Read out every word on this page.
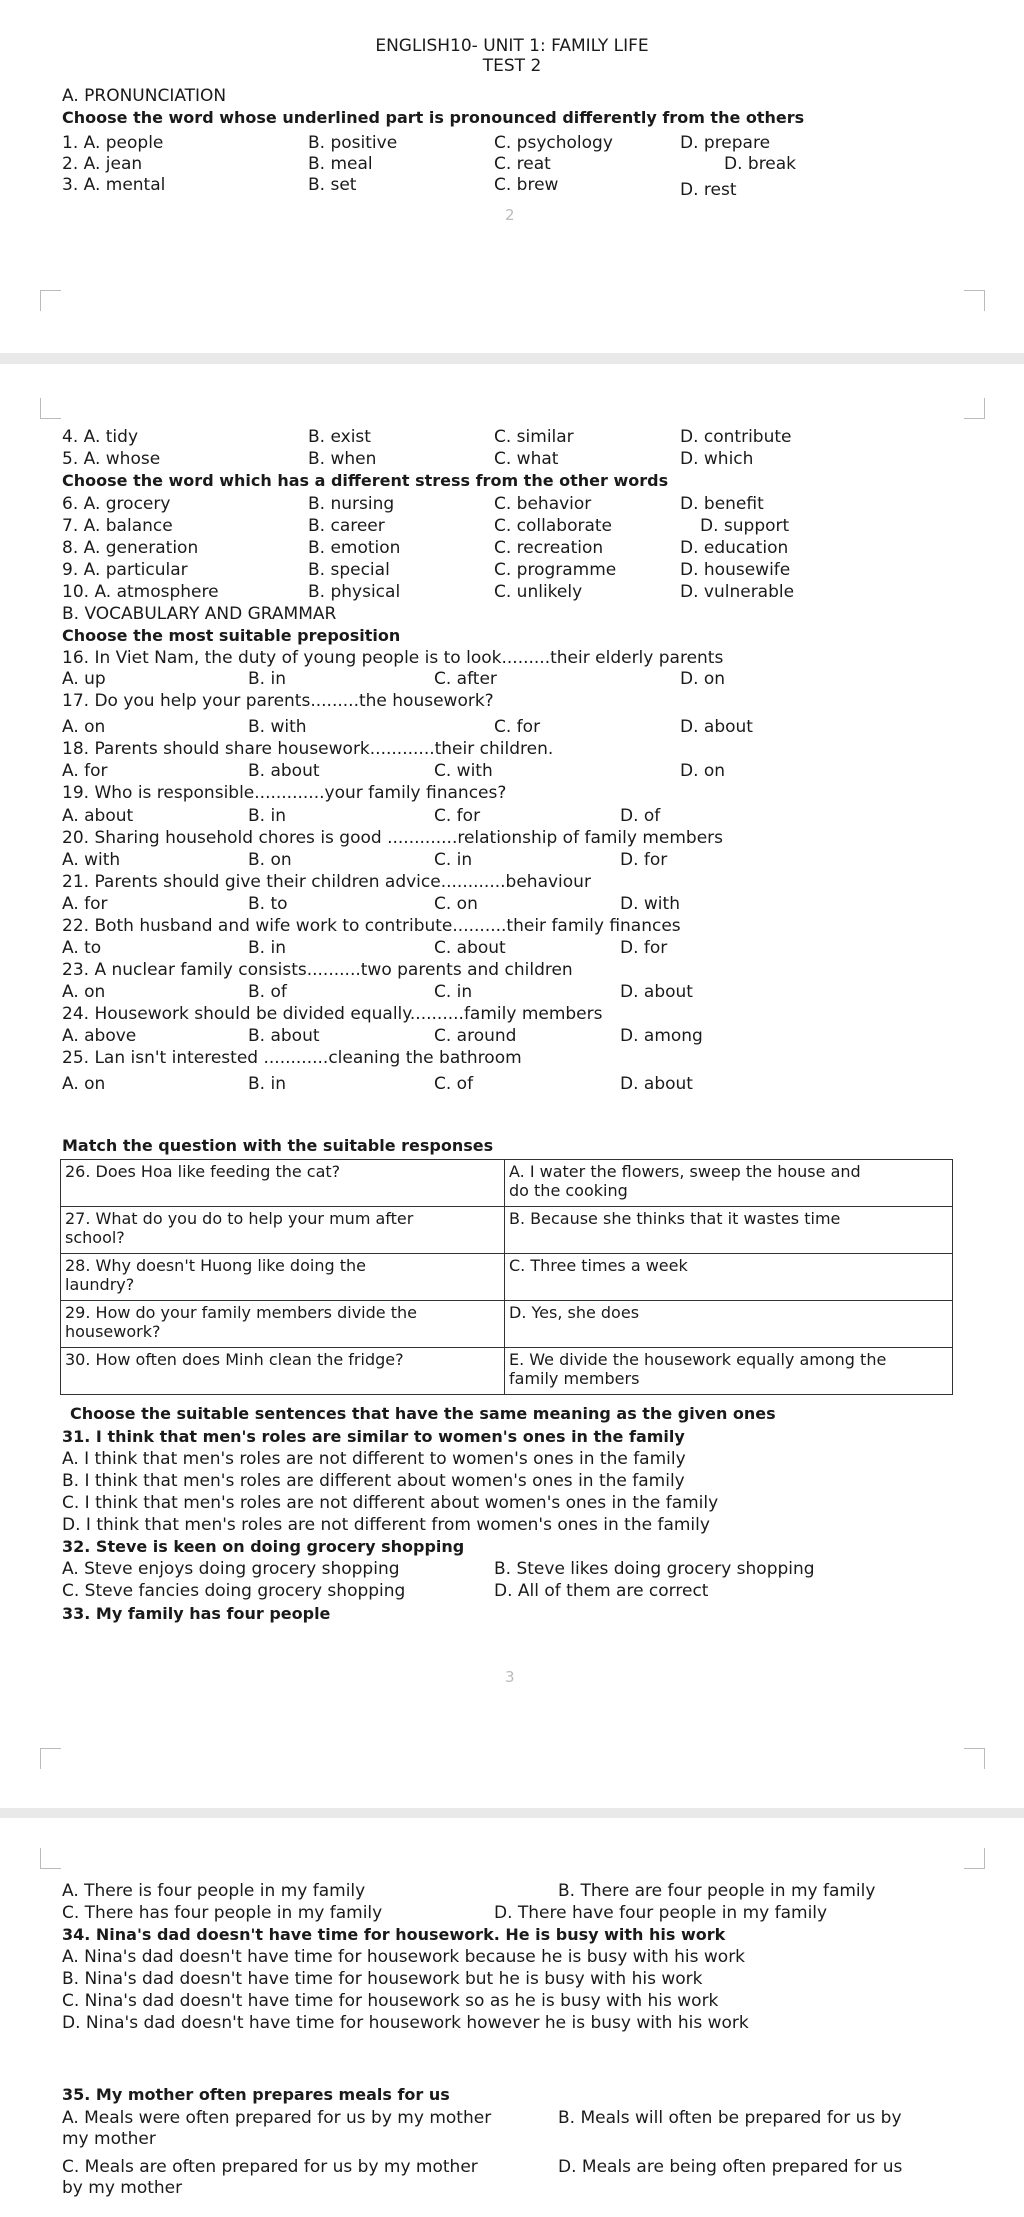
ENGLISH10- UNIT 1: FAMILY LIFE
TEST 2
A. PRONUNCIATION
Choose the word whose underlined part is pronounced differently from the others
1. A. people	B. positive	C. psychology	D. prepare
2. A. jean	B. meal	C. reat	D. break
3. A. mental	B. set	C. brew	D. rest
2
4. A. tidy	B. exist	C. similar	D. contribute
5. A. whose	B. when	C. what	D. which
Choose the word which has a different stress from the other words
6. A. grocery	B. nursing	C. behavior	D. benefit
7. A. balance	B. career	C. collaborate	D. support
8. A. generation	B. emotion	C. recreation	D. education
9. A. particular	B. special	C. programme	D. housewife
10. A. atmosphere	B. physical	C. unlikely	D. vulnerable
B. VOCABULARY AND GRAMMAR
Choose the most suitable preposition
16. In Viet Nam, the duty of young people is to look.........their elderly parents
A. up	B. in	C. after	D. on
17. Do you help your parents.........the housework?
A. on	B. with	C. for	D. about
18. Parents should share housework............their children.
A. for	B. about	C. with	D. on
19. Who is responsible.............your family finances?
A. about	B. in	C. for	D. of
20. Sharing household chores is good .............relationship of family members
A. with	B. on	C. in	D. for
21. Parents should give their children advice............behaviour
A. for	B. to	C. on	D. with
22. Both husband and wife work to contribute..........their family finances
A. to	B. in	C. about	D. for
23. A nuclear family consists..........two parents and children
A. on	B. of	C. in	D. about
24. Housework should be divided equally..........family members
A. above	B. about	C. around	D. among
25. Lan isn't interested ............cleaning the bathroom
A. on	B. in	C. of	D. about
Match the question with the suitable responses
26. Does Hoa like feeding the cat?	A. I water the flowers, sweep the house and
do the cooking

27. What do you do to help your mum after
school?	B. Because she thinks that it wastes time

28. Why doesn't Huong like doing the
laundry?	C. Three times a week

29. How do your family members divide the
housework?	D. Yes, she does

30. How often does Minh clean the fridge?	E. We divide the housework equally among the
family members
Choose the suitable sentences that have the same meaning as the given ones
31. I think that men's roles are similar to women's ones in the family
A. I think that men's roles are not different to women's ones in the family
B. I think that men's roles are different about women's ones in the family
C. I think that men's roles are not different about women's ones in the family
D. I think that men's roles are not different from women's ones in the family
32. Steve is keen on doing grocery shopping
A. Steve enjoys doing grocery shopping	B. Steve likes doing grocery shopping
C. Steve fancies doing grocery shopping	D. All of them are correct
33. My family has four people
3
A. There is four people in my family	B. There are four people in my family
C. There has four people in my family	D. There have four people in my family
34. Nina's dad doesn't have time for housework. He is busy with his work
A. Nina's dad doesn't have time for housework because he is busy with his work
B. Nina's dad doesn't have time for housework but he is busy with his work
C. Nina's dad doesn't have time for housework so as he is busy with his work
D. Nina's dad doesn't have time for housework however he is busy with his work
35. My mother often prepares meals for us
A. Meals were often prepared for us by my mother	B. Meals will often be prepared for us by
my mother
C. Meals are often prepared for us by my mother	D. Meals are being often prepared for us
by my mother
